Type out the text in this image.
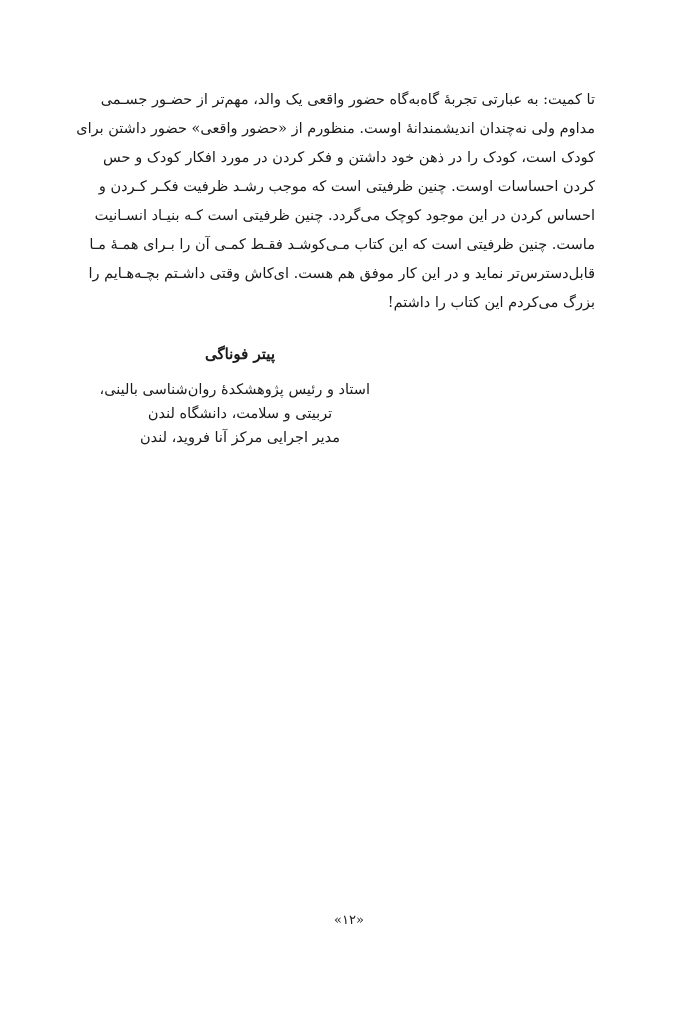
تا کمیت: به عبارتی تجربهٔ گاه‌به‌گاه حضور واقعی یک والد، مهم‌تر از حضـور جسـمی
مداوم ولی نه‌چندان اندیشمندانهٔ اوست. منظورم از «حضور واقعی» حضور داشتن برای
کودک است، کودک را در ذهن خود داشتن و فکر کردن در مورد افکار کودک و حس
کردن احساسات اوست. چنین ظرفیتی است که موجب رشـد ظرفیت فکـر کـردن و
احساس کردن در این موجود کوچک می‌گردد. چنین ظرفیتی است کـه بنیـاد انسـانیت
ماست. چنین ظرفیتی است که این کتاب مـی‌کوشـد فقـط کمـی آن را بـرای همـهٔ مـا
قابل‌دسترس‌تر نماید و در این کار موفق هم هست. ای‌کاش وقتی داشـتم بچـه‌هـایم را
بزرگ می‌کردم این کتاب را داشتم!
پیتر فوناگی
استاد و رئیس پژوهشکدهٔ روان‌شناسی بالینی،
تربیتی و سلامت، دانشگاه لندن
مدیر اجرایی مرکز آنا فروید، لندن
«۱۲»
